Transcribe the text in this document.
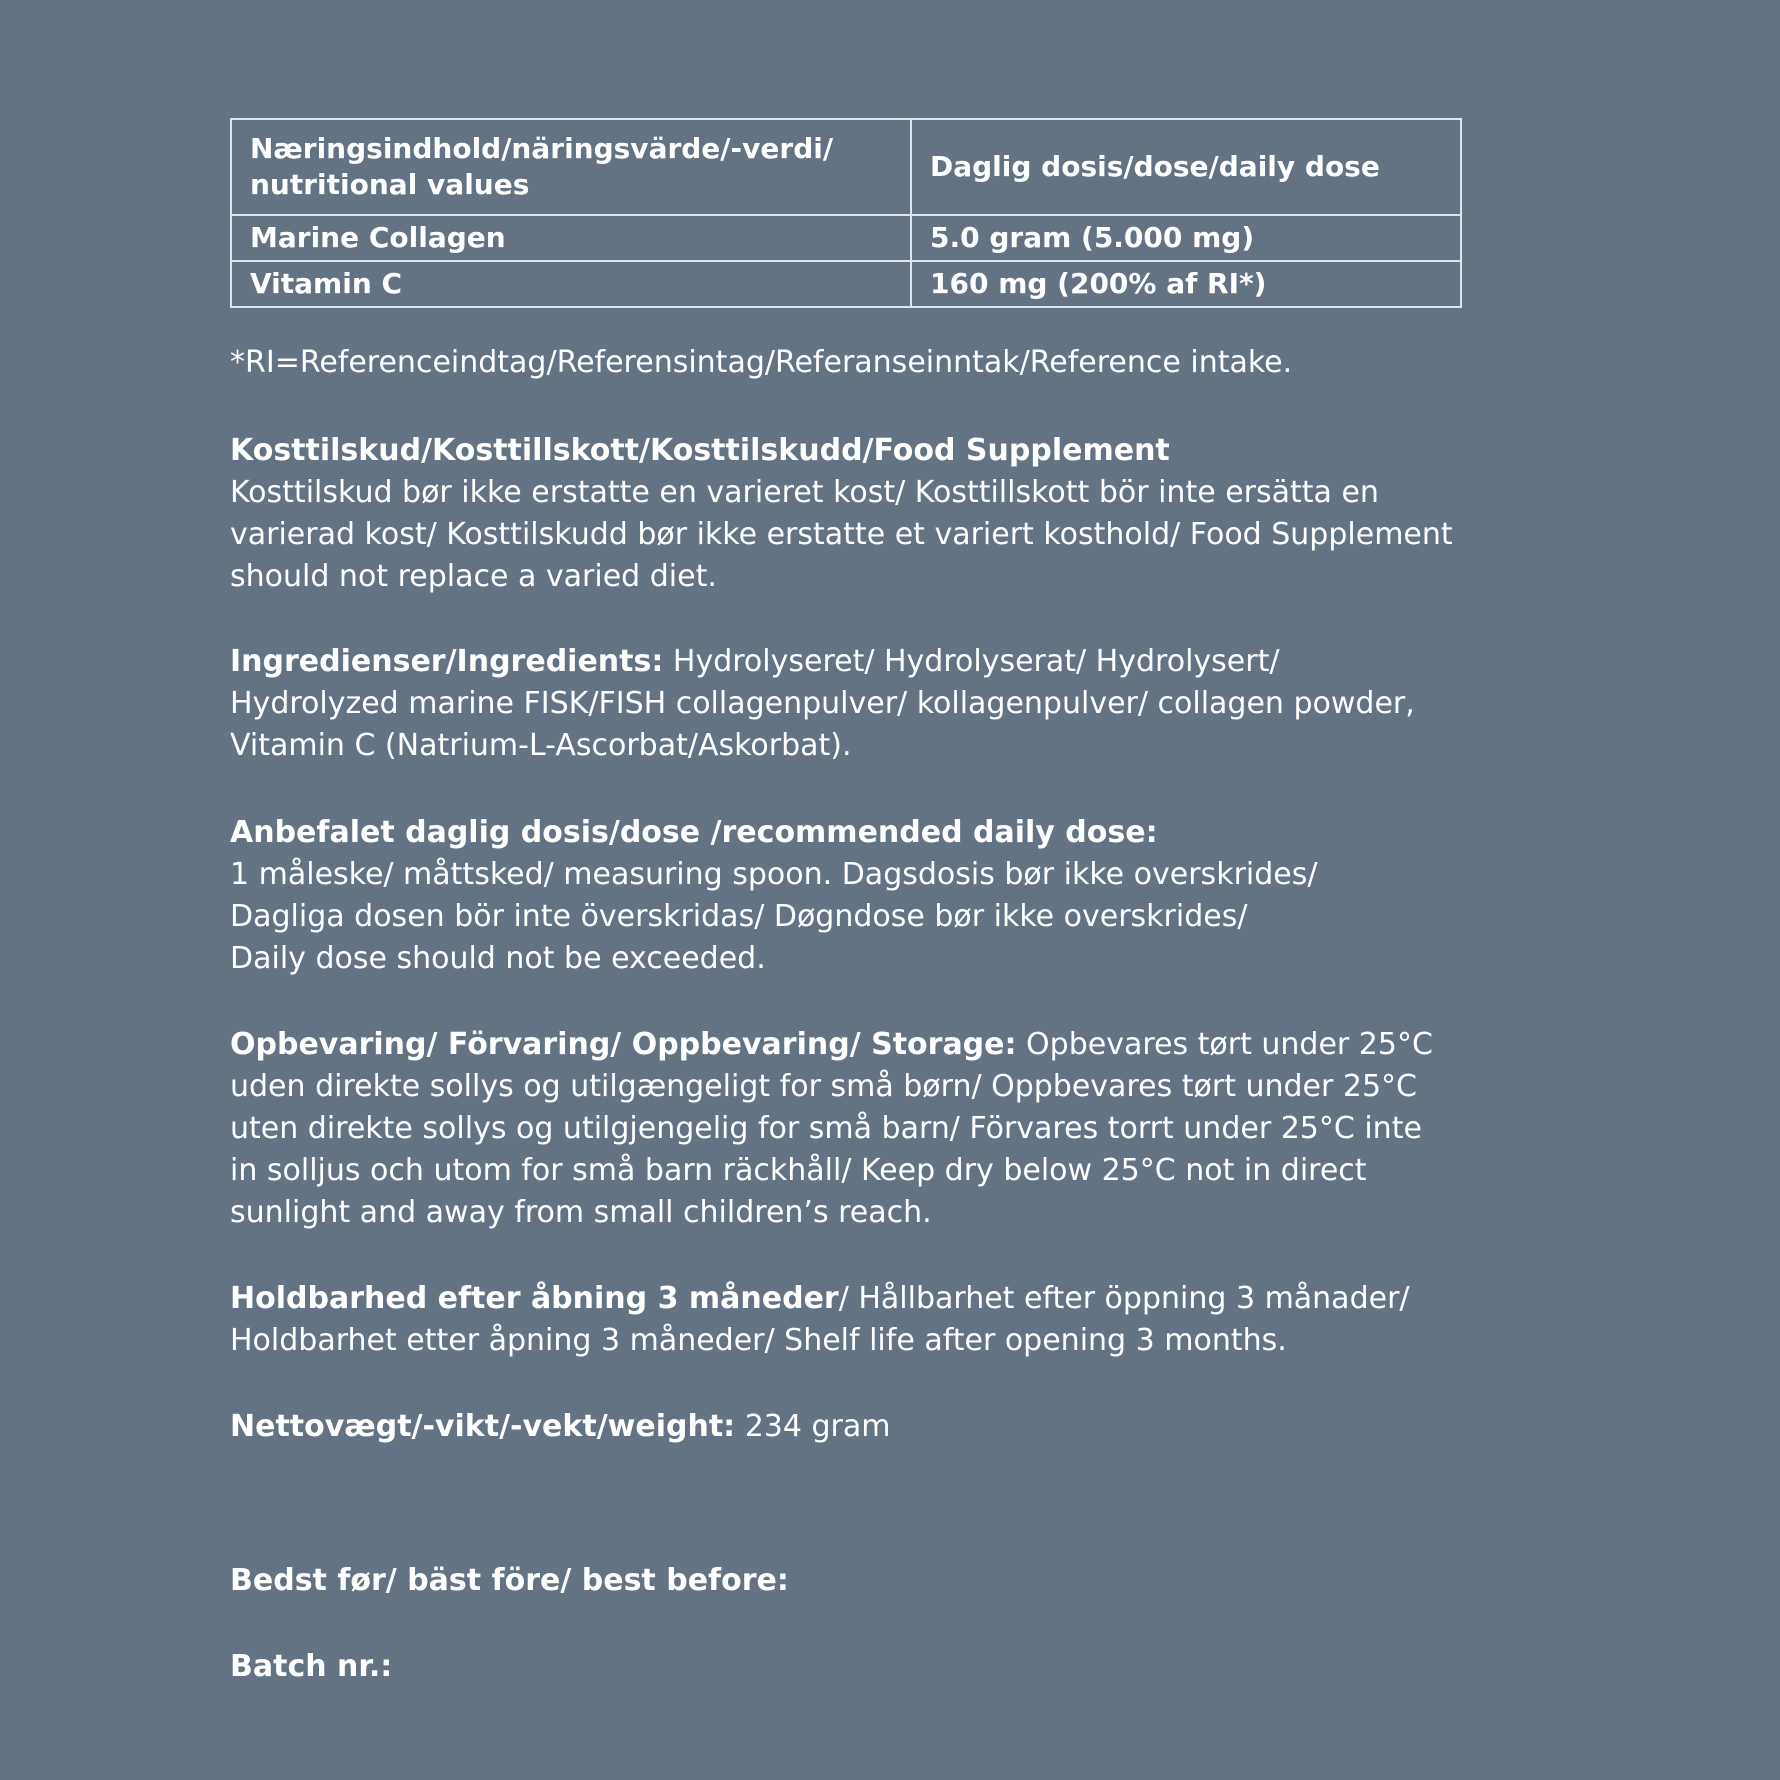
Næringsindhold/näringsvärde/-verdi/
nutritional values	Daglig dosis/dose/daily dose
Marine Collagen	5.0 gram (5.000 mg)
Vitamin C	160 mg (200% af RI*)
*RI=Referenceindtag/Referensintag/Referanseinntak/Reference intake.
Kosttilskud/Kosttillskott/Kosttilskudd/Food Supplement
Kosttilskud bør ikke erstatte en varieret kost/ Kosttillskott bör inte ersätta en
varierad kost/ Kosttilskudd bør ikke erstatte et variert kosthold/ Food Supplement
should not replace a varied diet.
Ingredienser/Ingredients: Hydrolyseret/ Hydrolyserat/ Hydrolysert/
Hydrolyzed marine FISK/FISH collagenpulver/ kollagenpulver/ collagen powder,
Vitamin C (Natrium-L-Ascorbat/Askorbat).
Anbefalet daglig dosis/dose /recommended daily dose:
1 måleske/ måttsked/ measuring spoon. Dagsdosis bør ikke overskrides/
Dagliga dosen bör inte överskridas/ Døgndose bør ikke overskrides/
Daily dose should not be exceeded.
Opbevaring/ Förvaring/ Oppbevaring/ Storage: Opbevares tørt under 25°C
uden direkte sollys og utilgængeligt for små børn/ Oppbevares tørt under 25°C
uten direkte sollys og utilgjengelig for små barn/ Förvares torrt under 25°C inte
in solljus och utom for små barn räckhåll/ Keep dry below 25°C not in direct
sunlight and away from small children’s reach.
Holdbarhed efter åbning 3 måneder/ Hållbarhet efter öppning 3 månader/
Holdbarhet etter åpning 3 måneder/ Shelf life after opening 3 months.
Nettovægt/-vikt/-vekt/weight: 234 gram
Bedst før/ bäst före/ best before:
Batch nr.:
